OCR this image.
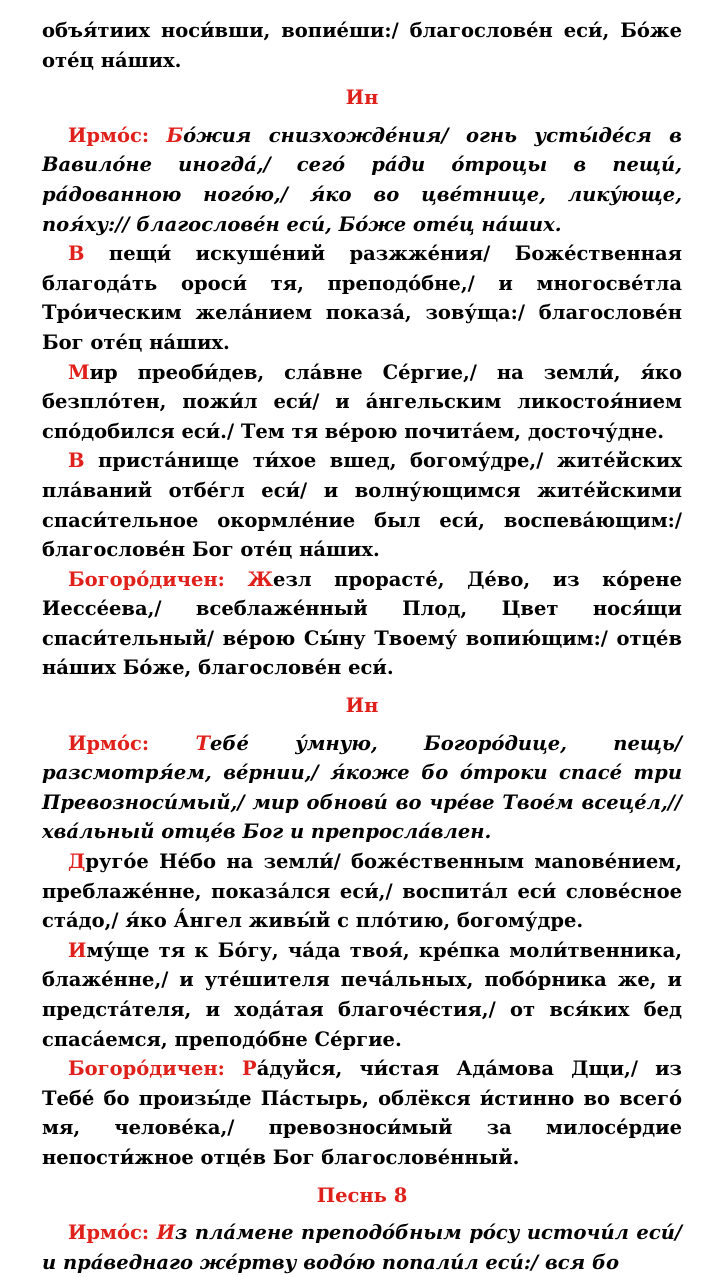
объя́тиих носи́вши, вопие́ши:/ благослове́н еси́, Бо́же оте́ц на́ших.

Ин

Ирмо́с: Бо́жия снизхожде́ния/ огнь усты́де́ся в Вавило́не иногда́,/ сего́ ра́ди о́троцы в пещи́, ра́дованною ного́ю,/ я́ко во цве́тнице, лику́юще, поя́ху:// благослове́н еси́, Бо́же оте́ц на́ших.

В пещи́ искуше́ний разжже́ния/ Боже́ственная благода́ть ороси́ тя, преподо́бне,/ и многосве́тла Тро́ическим жела́нием показа́, зову́ща:/ благослове́н Бог оте́ц на́ших.

Мир преоби́дев, сла́вне Се́ргие,/ на земли́, я́ко безпло́тен, пожи́л еси́/ и а́нгельским ликостоя́нием спо́добился еси́./ Тем тя ве́рою почита́ем, досточу́дне.

В приста́нище ти́хое вшед, богому́дре,/ жите́йских пла́ваний отбе́гл еси́/ и волну́ющимся жите́йскими спаси́тельное окормле́ние был еси́, воспева́ющим:/ благослове́н Бог оте́ц на́ших.

Богоро́дичен: Жезл прорасте́, Де́во, из ко́рене Иессе́ева,/ всеблаже́нный Плод, Цвет нося́щи спаси́тельный/ ве́рою Сы́ну Твоему́ вопию́щим:/ отце́в на́ших Бо́же, благослове́н еси́.

Ин

Ирмо́с: Тебе́ у́мную, Богоро́дице, пещь/ разсмотря́ем, ве́рнии,/ я́коже бо о́троки спасе́ три Превозноси́мый,/ мир обнови́ во чре́ве Твое́м всеце́л,// хва́льный отце́в Бог и препросла́влен.

Друго́е Не́бо на земли́/ боже́ственным мanове́нием, преблаже́нне, показа́лся еси́,/ воспита́л еси́ слове́сное ста́до,/ я́ко А́нгел живы́й с пло́тию, богому́дре.

Иму́ще тя к Бо́гу, ча́да твоя́, кре́пка моли́твенника, блаже́нне,/ и уте́шителя печа́льных, побо́рника же, и предста́теля, и хода́тая благоче́стия,/ от вся́ких бед спаса́емся, преподо́бне Се́ргие.

Богоро́дичен: Ра́дуйся, чи́стая Ада́мова Дщи,/ из Тебе́ бо произы́де Па́стырь, облёкся и́стинно во всего́ мя, челове́ка,/ превозноси́мый за милосе́рдие непости́жное отце́в Бог благослове́нный.

Песнь 8

Ирмо́с: Из пла́мене преподо́бным ро́су источи́л еси́/ и пра́веднаго же́ртву водо́ю попали́л еси́:/ вся бо
